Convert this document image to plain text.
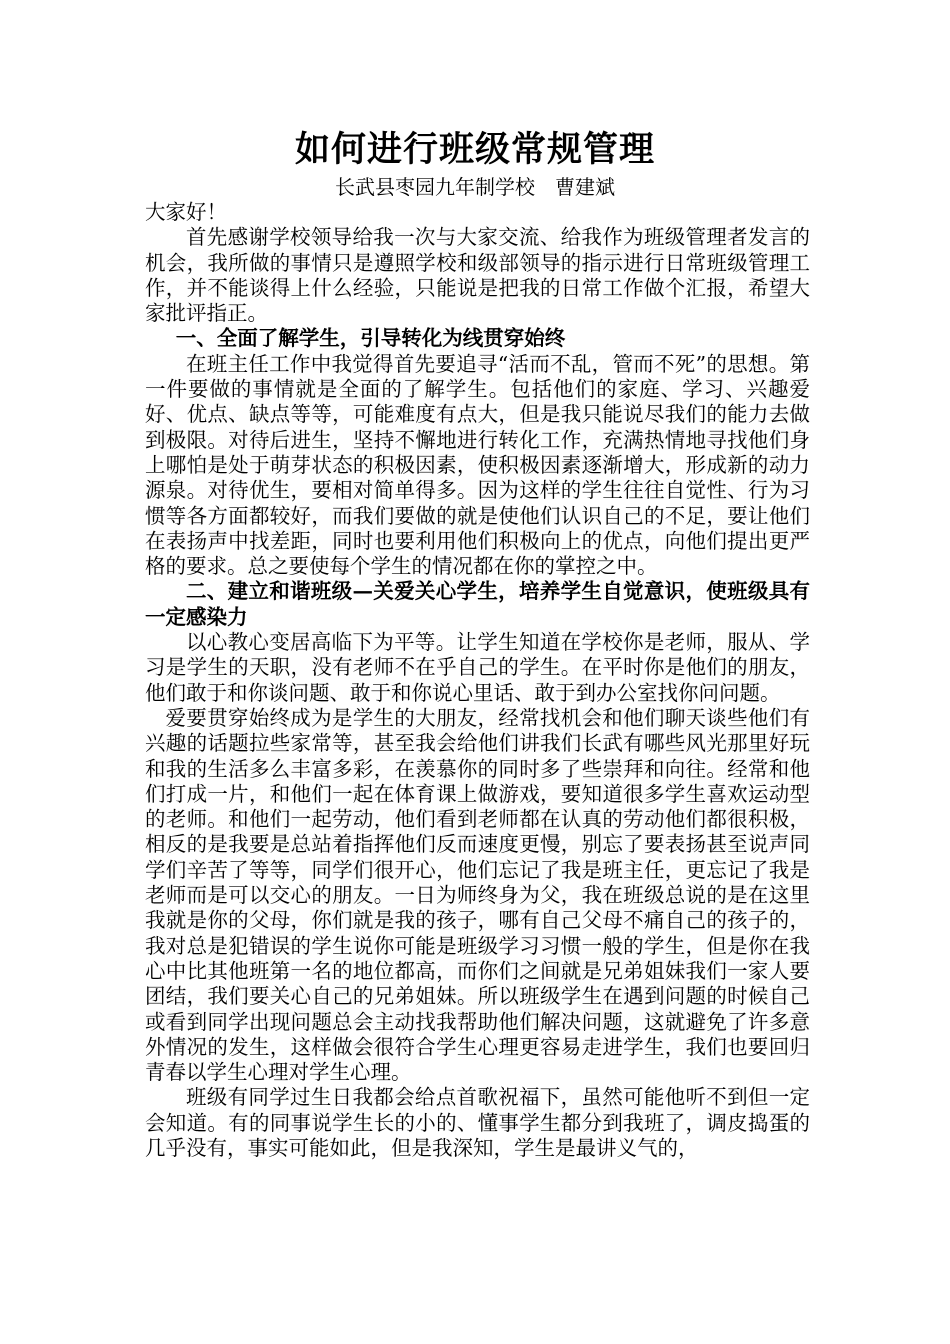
如何进行班级常规管理
长武县枣园九年制学校　曹建斌

大家好！

首先感谢学校领导给我一次与大家交流、给我作为班级管理者发言的机会，我所做的事情只是遵照学校和级部领导的指示进行日常班级管理工作，并不能谈得上什么经验，只能说是把我的日常工作做个汇报，希望大家批评指正。

一、全面了解学生，引导转化为线贯穿始终

在班主任工作中我觉得首先要追寻“活而不乱，管而不死”的思想。第一件要做的事情就是全面的了解学生。包括他们的家庭、学习、兴趣爱好、优点、缺点等等，可能难度有点大，但是我只能说尽我们的能力去做到极限。对待后进生，坚持不懈地进行转化工作，充满热情地寻找他们身上哪怕是处于萌芽状态的积极因素，使积极因素逐渐增大，形成新的动力源泉。对待优生，要相对简单得多。因为这样的学生往往自觉性、行为习惯等各方面都较好，而我们要做的就是使他们认识自己的不足，要让他们在表扬声中找差距，同时也要利用他们积极向上的优点，向他们提出更严格的要求。总之要使每个学生的情况都在你的掌控之中。

二、建立和谐班级—关爱关心学生，培养学生自觉意识，使班级具有一定感染力

以心教心变居高临下为平等。让学生知道在学校你是老师，服从、学习是学生的天职，没有老师不在乎自己的学生。在平时你是他们的朋友，他们敢于和你谈问题、敢于和你说心里话、敢于到办公室找你问问题。

爱要贯穿始终成为是学生的大朋友，经常找机会和他们聊天谈些他们有兴趣的话题拉些家常等，甚至我会给他们讲我们长武有哪些风光那里好玩和我的生活多么丰富多彩，在羡慕你的同时多了些崇拜和向往。经常和他们打成一片，和他们一起在体育课上做游戏，要知道很多学生喜欢运动型的老师。和他们一起劳动，他们看到老师都在认真的劳动他们都很积极，相反的是我要是总站着指挥他们反而速度更慢，别忘了要表扬甚至说声同学们辛苦了等等，同学们很开心，他们忘记了我是班主任，更忘记了我是老师而是可以交心的朋友。一日为师终身为父，我在班级总说的是在这里我就是你的父母，你们就是我的孩子，哪有自己父母不痛自己的孩子的，我对总是犯错误的学生说你可能是班级学习习惯一般的学生，但是你在我心中比其他班第一名的地位都高，而你们之间就是兄弟姐妹我们一家人要团结，我们要关心自己的兄弟姐妹。所以班级学生在遇到问题的时候自己或看到同学出现问题总会主动找我帮助他们解决问题，这就避免了许多意外情况的发生，这样做会很符合学生心理更容易走进学生，我们也要回归青春以学生心理对学生心理。

班级有同学过生日我都会给点首歌祝福下，虽然可能他听不到但一定会知道。有的同事说学生长的小的、懂事学生都分到我班了，调皮捣蛋的几乎没有，事实可能如此，但是我深知，学生是最讲义气的，
